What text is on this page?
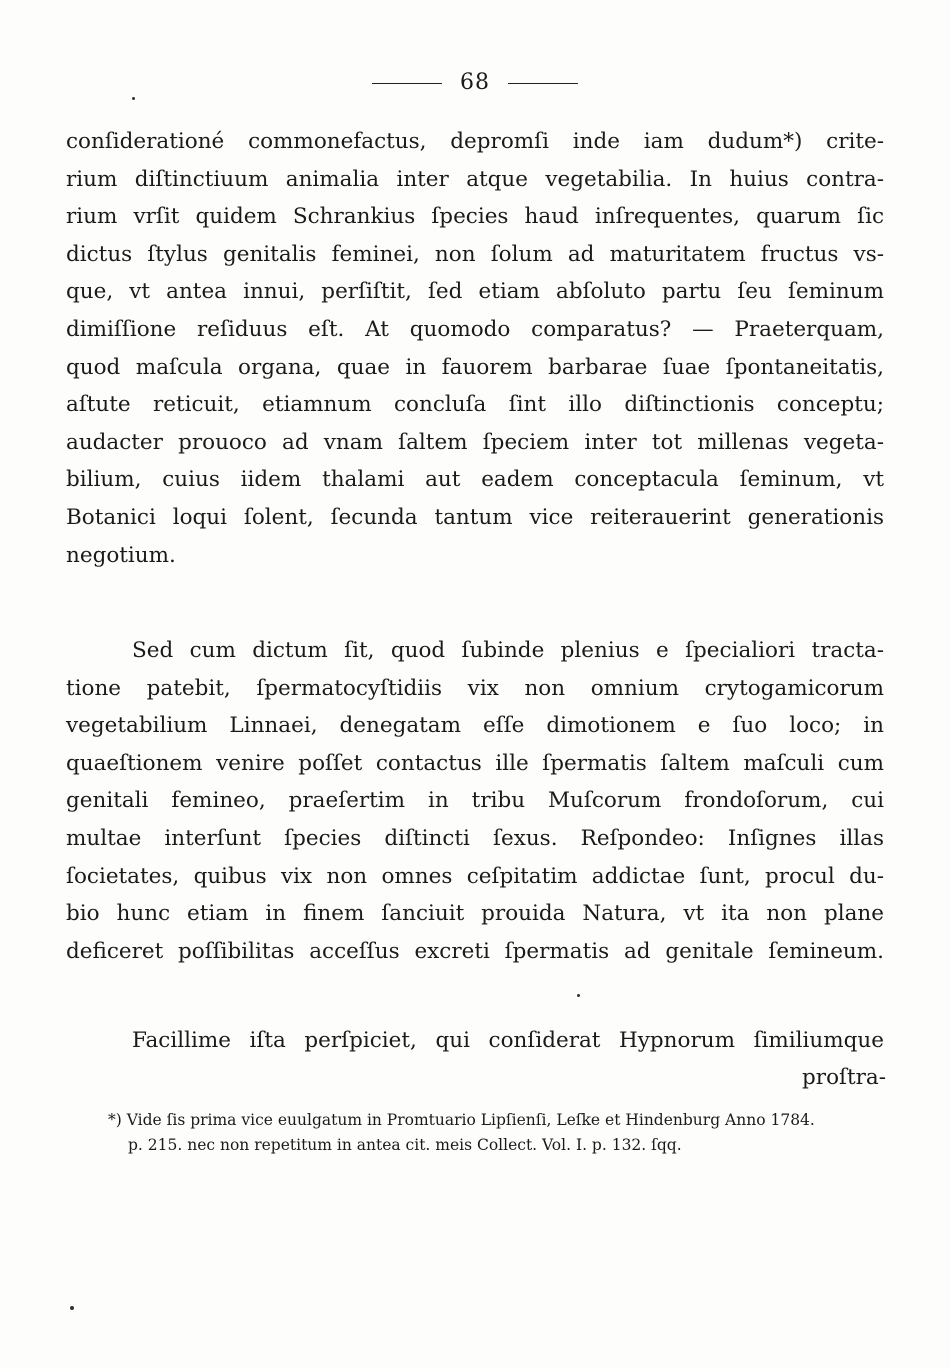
68
conſiderationé commonefactus, depromſi inde iam dudum*) crite-
rium diſtinctiuum animalia inter atque vegetabilia. In huius contra-
rium vrſit quidem Schrankius ſpecies haud inſrequentes, quarum ſic
dictus ſtylus genitalis feminei, non ſolum ad maturitatem fructus vs-
que, vt antea innui, perſiſtit, ſed etiam abſoluto partu ſeu ſeminum
dimiſſione reſiduus eſt. At quomodo comparatus? — Praeterquam,
quod maſcula organa, quae in fauorem barbarae ſuae ſpontaneitatis,
aſtute reticuit, etiamnum concluſa ſint illo diſtinctionis conceptu;
audacter prouoco ad vnam ſaltem ſpeciem inter tot millenas vegeta-
bilium, cuius iidem thalami aut eadem conceptacula ſeminum, vt
Botanici loqui ſolent, ſecunda tantum vice reiterauerint generationis
negotium.
Sed cum dictum ſit, quod ſubinde plenius e ſpecialiori tracta-
tione patebit, ſpermatocyſtidiis vix non omnium crytogamicorum
vegetabilium Linnaei, denegatam eſſe dimotionem e ſuo loco; in
quaeſtionem venire poſſet contactus ille ſpermatis ſaltem maſculi cum
genitali femineo, praeſertim in tribu Muſcorum frondoſorum, cui
multae interſunt ſpecies diſtincti ſexus. Reſpondeo: Inſignes illas
ſocietates, quibus vix non omnes ceſpitatim addictae ſunt, procul du-
bio hunc etiam in finem ſanciuit prouida Natura, vt ita non plane
deficeret poſſibilitas acceſſus excreti ſpermatis ad genitale ſemineum.
Facillime iſta perſpiciet, qui conſiderat Hypnorum ſimiliumque
proſtra-
*) Vide ſis prima vice euulgatum in Promtuario Lipſienſi, Leſke et Hindenburg Anno 1784.
p. 215. nec non repetitum in antea cit. meis Collect. Vol. I. p. 132. ſqq.
